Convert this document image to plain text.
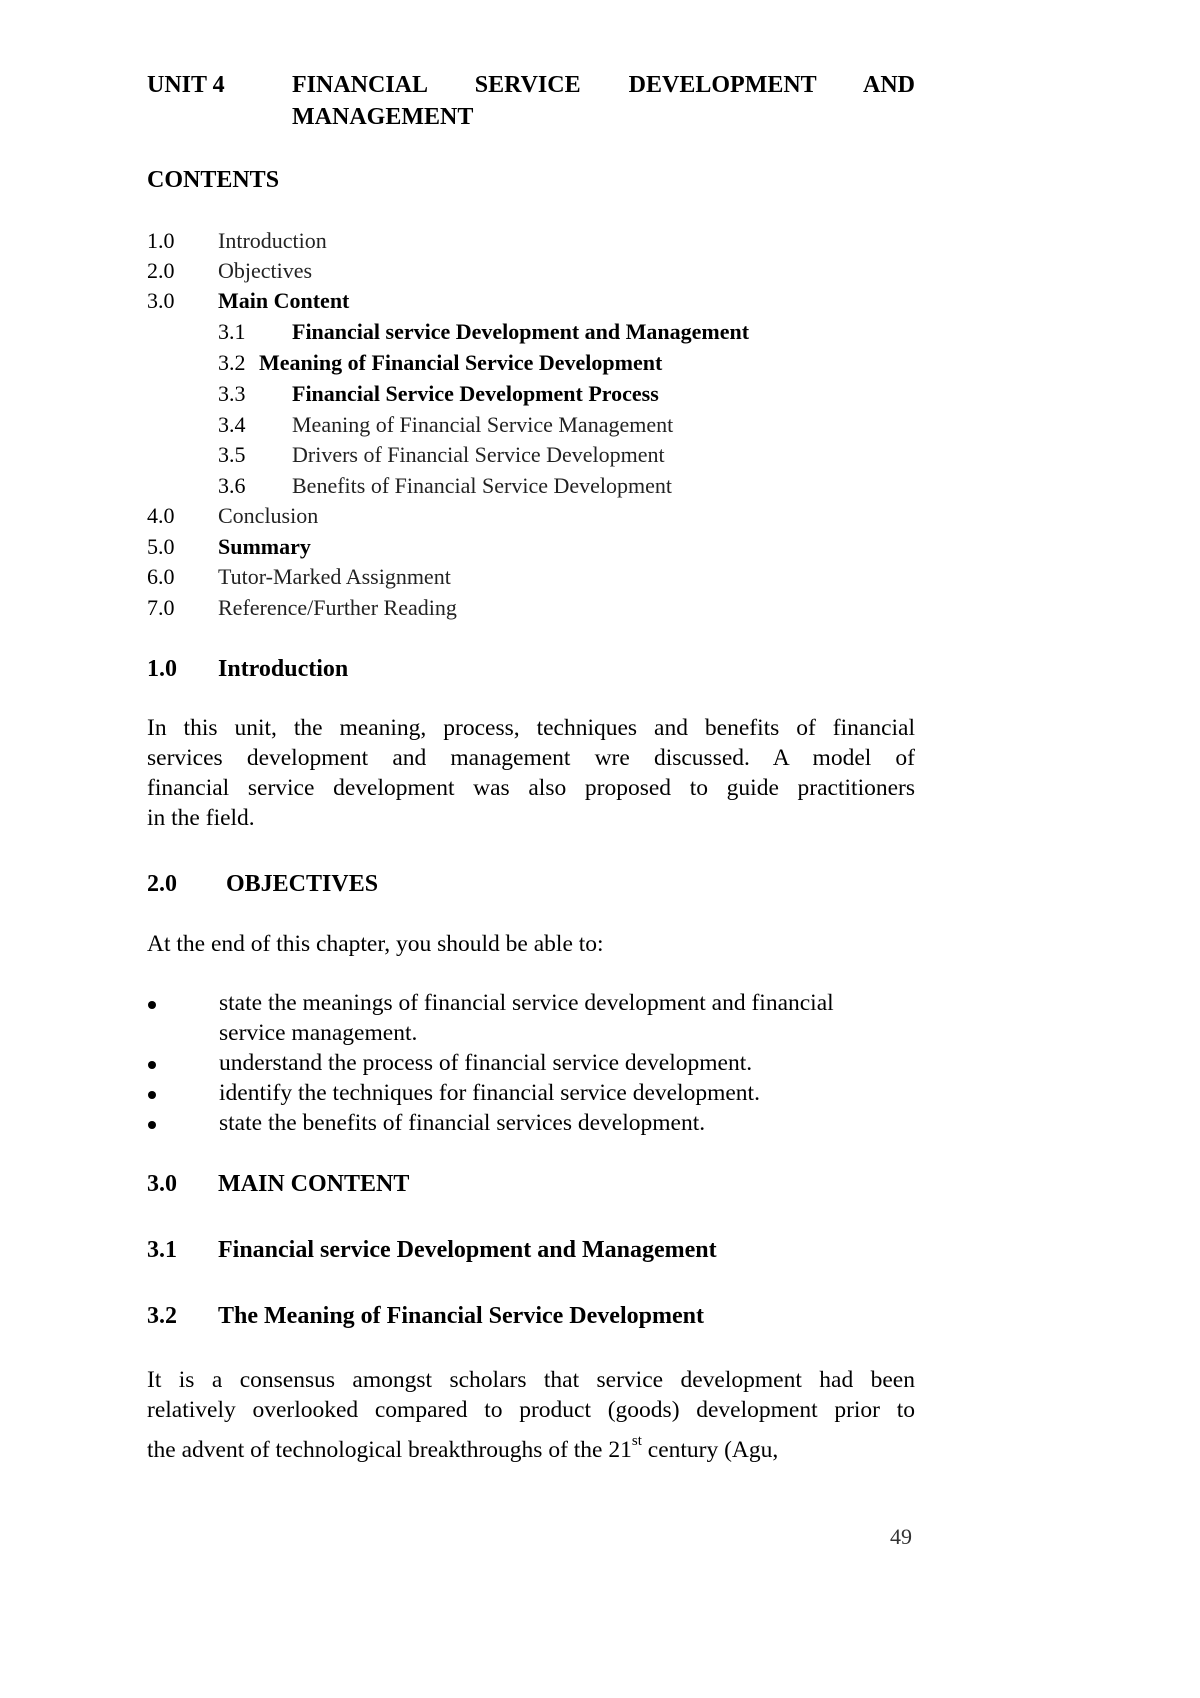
UNIT 4	FINANCIAL SERVICE DEVELOPMENT AND
MANAGEMENT
CONTENTS
1.0 Introduction
2.0 Objectives
3.0 Main Content
3.1 Financial service Development and Management
3.2 Meaning of Financial Service Development
3.3 Financial Service Development Process
3.4 Meaning of Financial Service Management
3.5 Drivers of Financial Service Development
3.6 Benefits of Financial Service Development
4.0 Conclusion
5.0 Summary
6.0 Tutor-Marked Assignment
7.0 Reference/Further Reading
1.0 Introduction
In this unit, the meaning, process, techniques and benefits of financial
services development and management wre discussed. A model of
financial service development was also proposed to guide practitioners
in the field.
2.0 OBJECTIVES
At the end of this chapter, you should be able to:
state the meanings of financial service development and financial
service management.
understand the process of financial service development.
identify the techniques for financial service development.
state the benefits of financial services development.
3.0 MAIN CONTENT
3.1 Financial service Development and Management
3.2 The Meaning of Financial Service Development
It is a consensus amongst scholars that service development had been
relatively overlooked compared to product (goods) development prior to
the advent of technological breakthroughs of the 21st century (Agu,
49
